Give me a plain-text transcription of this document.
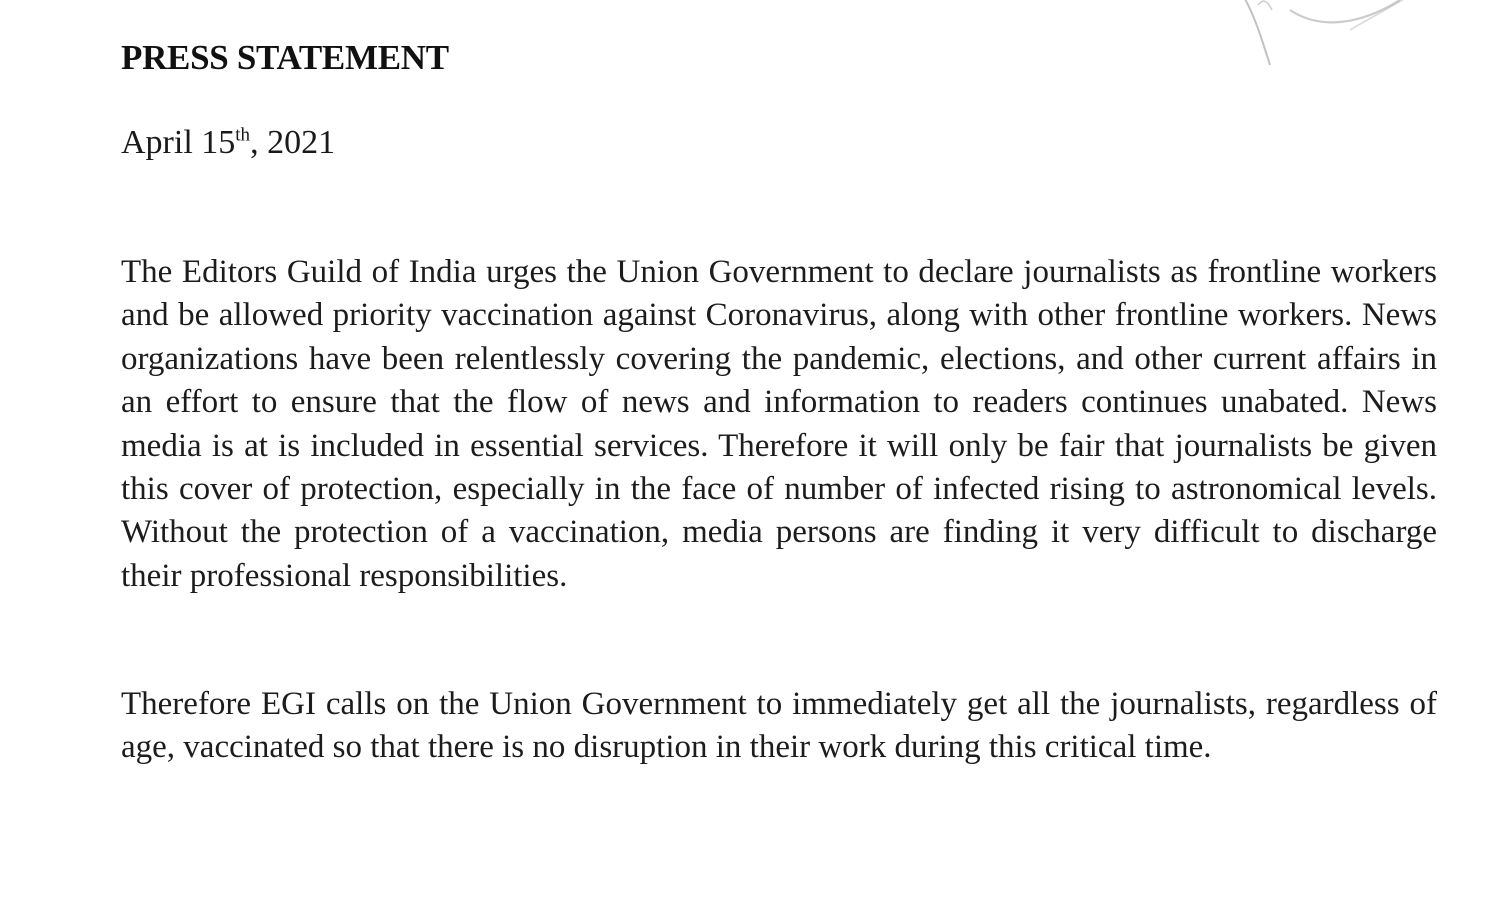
PRESS STATEMENT

April 15th, 2021

The Editors Guild of India urges the Union Government to declare journalists as frontline workers and be allowed priority vaccination against Coronavirus, along with other frontline workers. News organizations have been relentlessly covering the pandemic, elections, and other current affairs in an effort to ensure that the flow of news and information to readers continues unabated. News media is at is included in essential services. Therefore it will only be fair that journalists be given this cover of protection, especially in the face of number of infected rising to astronomical levels. Without the protection of a vaccination, media persons are finding it very difficult to discharge their professional responsibilities.

Therefore EGI calls on the Union Government to immediately get all the journalists, regardless of age, vaccinated so that there is no disruption in their work during this critical time.
